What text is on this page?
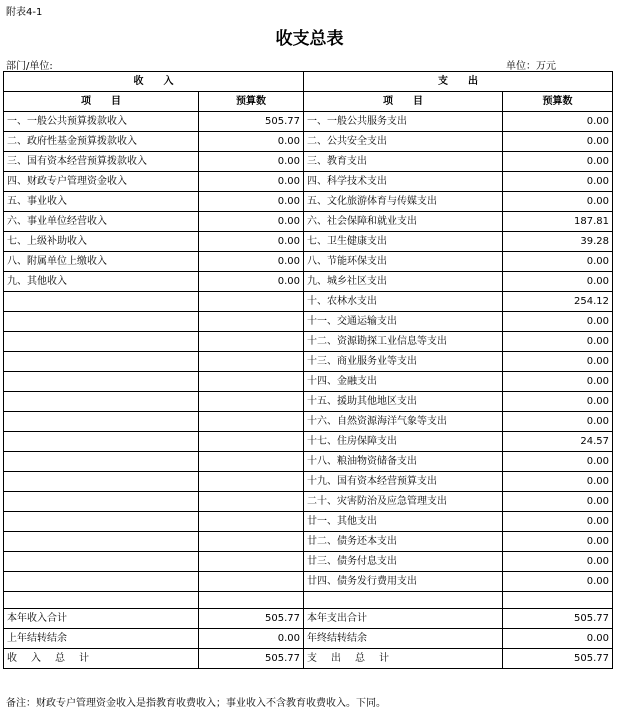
附表4-1
收支总表
部门/单位:	单位：万元
收　　入		支　　出	
项　　目	预算数	项　　目	预算数
一、一般公共预算拨款收入	505.77	一、一般公共服务支出	0.00
二、政府性基金预算拨款收入	0.00	二、公共安全支出	0.00
三、国有资本经营预算拨款收入	0.00	三、教育支出	0.00
四、财政专户管理资金收入	0.00	四、科学技术支出	0.00
五、事业收入	0.00	五、文化旅游体育与传媒支出	0.00
六、事业单位经营收入	0.00	六、社会保障和就业支出	187.81
七、上级补助收入	0.00	七、卫生健康支出	39.28
八、附属单位上缴收入	0.00	八、节能环保支出	0.00
九、其他收入	0.00	九、城乡社区支出	0.00
		十、农林水支出	254.12
		十一、交通运输支出	0.00
		十二、资源勘探工业信息等支出	0.00
		十三、商业服务业等支出	0.00
		十四、金融支出	0.00
		十五、援助其他地区支出	0.00
		十六、自然资源海洋气象等支出	0.00
		十七、住房保障支出	24.57
		十八、粮油物资储备支出	0.00
		十九、国有资本经营预算支出	0.00
		二十、灾害防治及应急管理支出	0.00
		廿一、其他支出	0.00
		廿二、债务还本支出	0.00
		廿三、债务付息支出	0.00
		廿四、债务发行费用支出	0.00

本年收入合计	505.77	本年支出合计	505.77
上年结转结余	0.00	年终结转结余	0.00
收入总计	505.77	支出总计	505.77
备注：财政专户管理资金收入是指教育收费收入；事业收入不含教育收费收入。下同。
